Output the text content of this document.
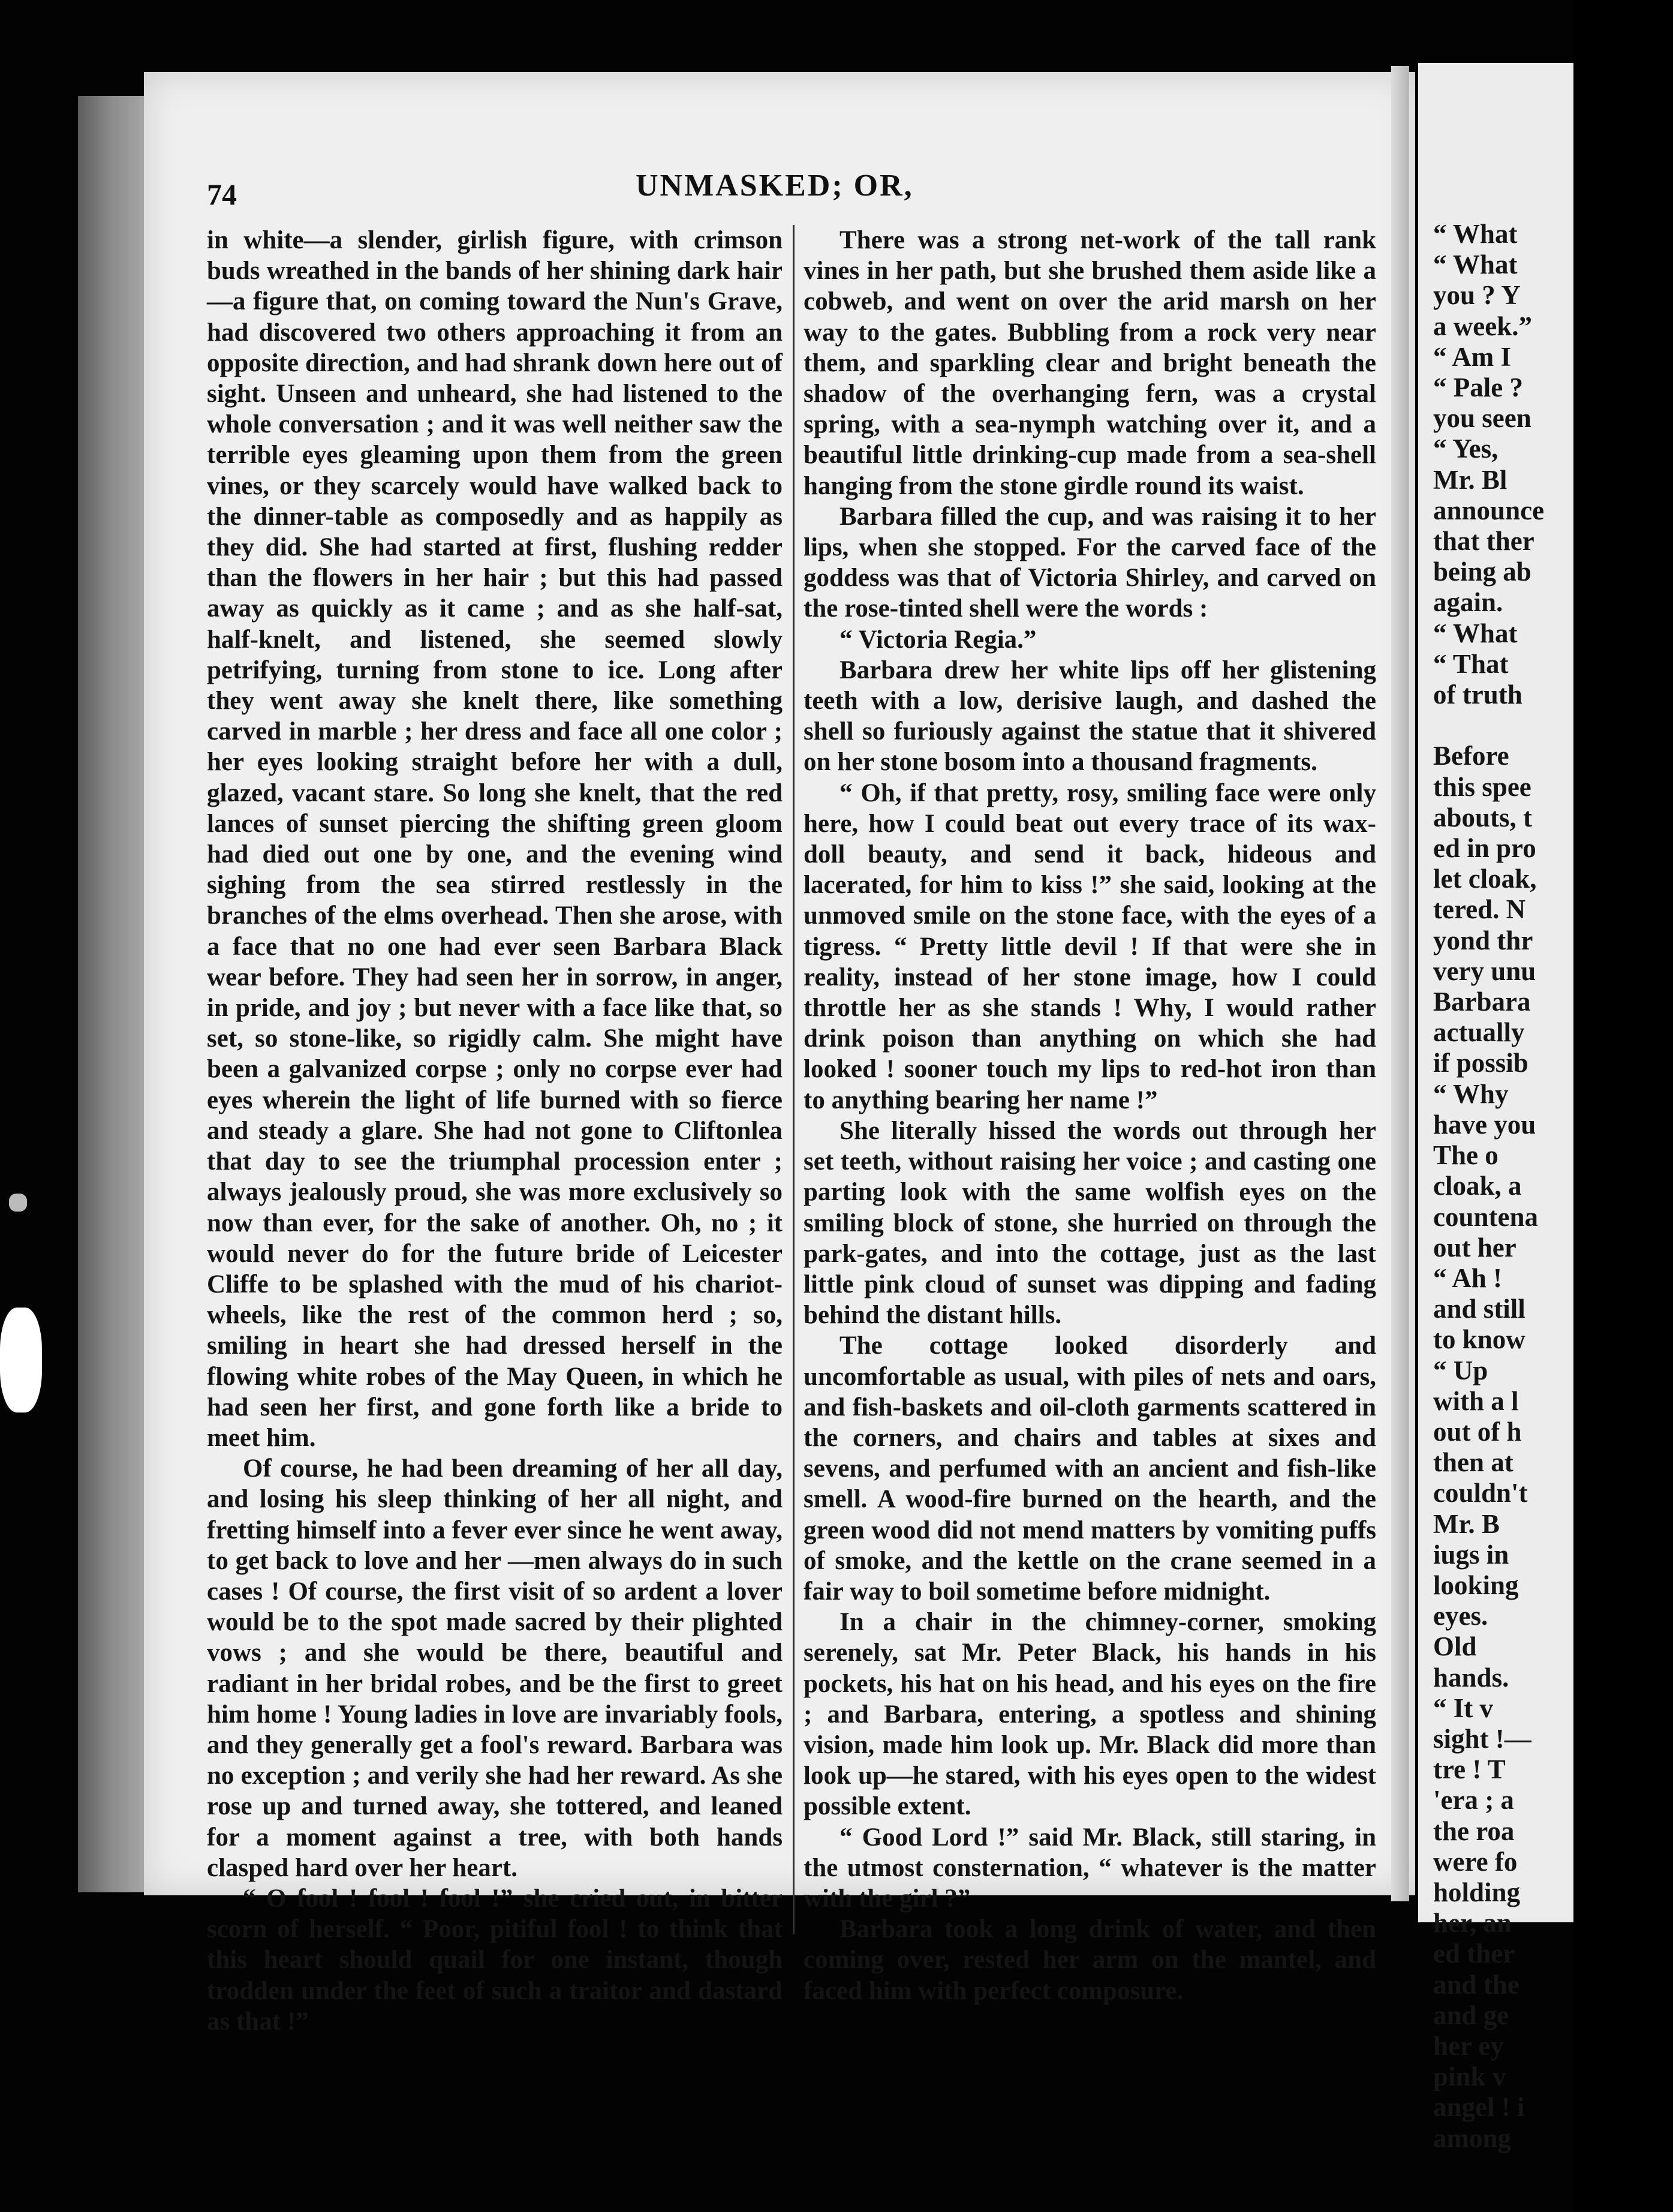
“ What
“ What
you ? Y
a week.”
“ Am I
“ Pale ?
you seen
“ Yes,
Mr. Bl
announce
that ther
being ab
again.
“ What
“ That
of truth

Before
this spee
abouts, t
ed in pro
let cloak,
tered. N
yond thr
very unu
Barbara
actually
if possib
“ Why
have you
The o
cloak, a
countena
out her
“ Ah !
and still
to know
“ Up
with a l
out of h
then at
couldn't
Mr. B
iugs in
looking
eyes.
Old
hands.
“ It v
sight !—
tre ! T
'era ; a
the roa
were fo
holding
her, an
ed ther
and the
and ge
her ey
pink v
angel ! i
among
74	UNMASKED; OR,

in white—a slender, girlish figure, with crimson buds wreathed in the bands of her shining dark hair—a figure that, on coming toward the Nun's Grave, had discovered two others approaching it from an opposite direction, and had shrank down here out of sight. Unseen and unheard, she had listened to the whole conversation ; and it was well neither saw the terrible eyes gleaming upon them from the green vines, or they scarcely would have walked back to the dinner-table as composedly and as happily as they did. She had started at first, flushing redder than the flowers in her hair ; but this had passed away as quickly as it came ; and as she half-sat, half-knelt, and listened, she seemed slowly petrifying, turning from stone to ice. Long after they went away she knelt there, like something carved in marble ; her dress and face all one color ; her eyes looking straight before her with a dull, glazed, vacant stare. So long she knelt, that the red lances of sunset piercing the shifting green gloom had died out one by one, and the evening wind sighing from the sea stirred restlessly in the branches of the elms overhead. Then she arose, with a face that no one had ever seen Barbara Black wear before. They had seen her in sorrow, in anger, in pride, and joy ; but never with a face like that, so set, so stone-like, so rigidly calm. She might have been a galvanized corpse ; only no corpse ever had eyes wherein the light of life burned with so fierce and steady a glare. She had not gone to Cliftonlea that day to see the triumphal procession enter ; always jealously proud, she was more exclusively so now than ever, for the sake of another. Oh, no ; it would never do for the future bride of Leicester Cliffe to be splashed with the mud of his chariot-wheels, like the rest of the common herd ; so, smiling in heart she had dressed herself in the flowing white robes of the May Queen, in which he had seen her first, and gone forth like a bride to meet him.

Of course, he had been dreaming of her all day, and losing his sleep thinking of her all night, and fretting himself into a fever ever since he went away, to get back to love and her —men always do in such cases ! Of course, the first visit of so ardent a lover would be to the spot made sacred by their plighted vows ; and she would be there, beautiful and radiant in her bridal robes, and be the first to greet him home ! Young ladies in love are invariably fools, and they generally get a fool's reward. Barbara was no exception ; and verily she had her reward. As she rose up and turned away, she tottered, and leaned for a moment against a tree, with both hands clasped hard over her heart.

“ O fool ! fool ! fool !” she cried out, in bitter scorn of herself. “ Poor, pitiful fool ! to think that this heart should quail for one instant, though trodden under the feet of such a traitor and dastard as that !”

There was a strong net-work of the tall rank vines in her path, but she brushed them aside like a cobweb, and went on over the arid marsh on her way to the gates. Bubbling from a rock very near them, and sparkling clear and bright beneath the shadow of the overhanging fern, was a crystal spring, with a sea-nymph watching over it, and a beautiful little drinking-cup made from a sea-shell hanging from the stone girdle round its waist.

Barbara filled the cup, and was raising it to her lips, when she stopped. For the carved face of the goddess was that of Victoria Shirley, and carved on the rose-tinted shell were the words :

“ Victoria Regia.”

Barbara drew her white lips off her glistening teeth with a low, derisive laugh, and dashed the shell so furiously against the statue that it shivered on her stone bosom into a thousand fragments.

“ Oh, if that pretty, rosy, smiling face were only here, how I could beat out every trace of its wax-doll beauty, and send it back, hideous and lacerated, for him to kiss !” she said, looking at the unmoved smile on the stone face, with the eyes of a tigress. “ Pretty little devil ! If that were she in reality, instead of her stone image, how I could throttle her as she stands ! Why, I would rather drink poison than anything on which she had looked ! sooner touch my lips to red-hot iron than to anything bearing her name !”

She literally hissed the words out through her set teeth, without raising her voice ; and casting one parting look with the same wolfish eyes on the smiling block of stone, she hurried on through the park-gates, and into the cottage, just as the last little pink cloud of sunset was dipping and fading behind the distant hills.

The cottage looked disorderly and uncomfortable as usual, with piles of nets and oars, and fish-baskets and oil-cloth garments scattered in the corners, and chairs and tables at sixes and sevens, and perfumed with an ancient and fish-like smell. A wood-fire burned on the hearth, and the green wood did not mend matters by vomiting puffs of smoke, and the kettle on the crane seemed in a fair way to boil sometime before midnight.

In a chair in the chimney-corner, smoking serenely, sat Mr. Peter Black, his hands in his pockets, his hat on his head, and his eyes on the fire ; and Barbara, entering, a spotless and shining vision, made him look up. Mr. Black did more than look up—he stared, with his eyes open to the widest possible extent.

“ Good Lord !” said Mr. Black, still staring, in the utmost consternation, “ whatever is the matter with the girl ?”

Barbara took a long drink of water, and then coming over, rested her arm on the mantel, and faced him with perfect composure.
